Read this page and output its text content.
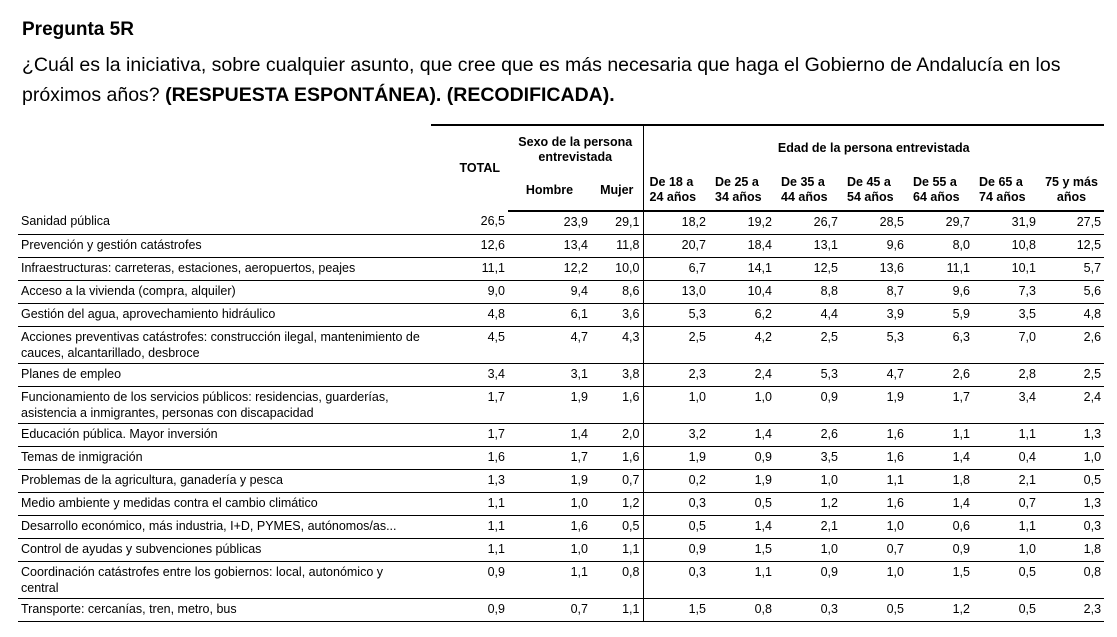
Pregunta 5R
¿Cuál es la iniciativa, sobre cualquier asunto, que cree que es más necesaria que haga el Gobierno de Andalucía en los próximos años? (RESPUESTA ESPONTÁNEA). (RECODIFICADA).
	TOTAL	Sexo de la persona entrevistada		Edad de la persona entrevistada						
		Hombre	Mujer	De 18 a 24 años	De 25 a 34 años	De 35 a 44 años	De 45 a 54 años	De 55 a 64 años	De 65 a 74 años	75 y más años
Sanidad pública	26,5	23,9	29,1	18,2	19,2	26,7	28,5	29,7	31,9	27,5
Prevención y gestión catástrofes	12,6	13,4	11,8	20,7	18,4	13,1	9,6	8,0	10,8	12,5
Infraestructuras: carreteras, estaciones, aeropuertos, peajes	11,1	12,2	10,0	6,7	14,1	12,5	13,6	11,1	10,1	5,7
Acceso a la vivienda (compra, alquiler)	9,0	9,4	8,6	13,0	10,4	8,8	8,7	9,6	7,3	5,6
Gestión del agua, aprovechamiento hidráulico	4,8	6,1	3,6	5,3	6,2	4,4	3,9	5,9	3,5	4,8
Acciones preventivas catástrofes: construcción ilegal, mantenimiento de cauces, alcantarillado, desbroce	4,5	4,7	4,3	2,5	4,2	2,5	5,3	6,3	7,0	2,6
Planes de empleo	3,4	3,1	3,8	2,3	2,4	5,3	4,7	2,6	2,8	2,5
Funcionamiento de los servicios públicos: residencias, guarderías, asistencia a inmigrantes, personas con discapacidad	1,7	1,9	1,6	1,0	1,0	0,9	1,9	1,7	3,4	2,4
Educación pública. Mayor inversión	1,7	1,4	2,0	3,2	1,4	2,6	1,6	1,1	1,1	1,3
Temas de inmigración	1,6	1,7	1,6	1,9	0,9	3,5	1,6	1,4	0,4	1,0
Problemas de la agricultura, ganadería y pesca	1,3	1,9	0,7	0,2	1,9	1,0	1,1	1,8	2,1	0,5
Medio ambiente y medidas contra el cambio climático	1,1	1,0	1,2	0,3	0,5	1,2	1,6	1,4	0,7	1,3
Desarrollo económico, más industria, I+D, PYMES, autónomos/as...	1,1	1,6	0,5	0,5	1,4	2,1	1,0	0,6	1,1	0,3
Control de ayudas y subvenciones públicas	1,1	1,0	1,1	0,9	1,5	1,0	0,7	0,9	1,0	1,8
Coordinación catástrofes entre los gobiernos: local, autonómico y central	0,9	1,1	0,8	0,3	1,1	0,9	1,0	1,5	0,5	0,8
Transporte: cercanías, tren, metro, bus	0,9	0,7	1,1	1,5	0,8	0,3	0,5	1,2	0,5	2,3
